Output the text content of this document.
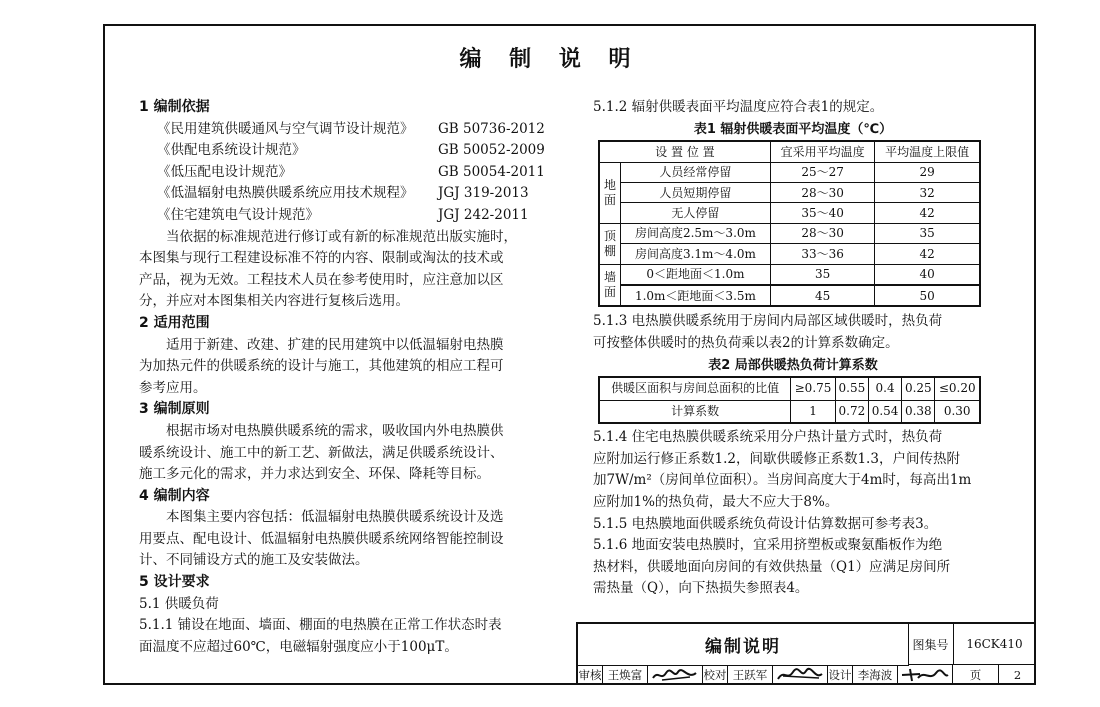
编 制 说 明
1 编制依据
《民用建筑供暖通风与空气调节设计规范》 GB 50736-2012
《供配电系统设计规范》	GB 50052-2009
《低压配电设计规范》	GB 50054-2011
《低温辐射电热膜供暖系统应用技术规程》 JGJ 319-2013
《住宅建筑电气设计规范》	JGJ 242-2011
当依据的标准规范进行修订或有新的标准规范出版实施时，
本图集与现行工程建设标准不符的内容、限制或淘汰的技术或
产品，视为无效。工程技术人员在参考使用时，应注意加以区
分，并应对本图集相关内容进行复核后选用。
2 适用范围
适用于新建、改建、扩建的民用建筑中以低温辐射电热膜
为加热元件的供暖系统的设计与施工，其他建筑的相应工程可
参考应用。
3 编制原则
根据市场对电热膜供暖系统的需求，吸收国内外电热膜供
暖系统设计、施工中的新工艺、新做法，满足供暖系统设计、
施工多元化的需求，并力求达到安全、环保、降耗等目标。
4 编制内容
本图集主要内容包括：低温辐射电热膜供暖系统设计及选
用要点、配电设计、低温辐射电热膜供暖系统网络智能控制设
计、不同铺设方式的施工及安装做法。
5 设计要求
5.1 供暖负荷
5.1.1 铺设在地面、墙面、棚面的电热膜在正常工作状态时表
面温度不应超过60℃，电磁辐射强度应小于100μT。
5.1.2 辐射供暖表面平均温度应符合表1的规定。
表1 辐射供暖表面平均温度（℃）
设 置 位 置		宜采用平均温度	平均温度上限值
地面	人员经常停留	25～27	29
	人员短期停留	28～30	32
	无人停留	35～40	42
顶棚	房间高度2.5m～3.0m	28～30	35
	房间高度3.1m～4.0m	33～36	42
墙面	0＜距地面＜1.0m	35	40
	1.0m＜距地面＜3.5m	45	50
5.1.3 电热膜供暖系统用于房间内局部区域供暖时，热负荷
可按整体供暖时的热负荷乘以表2的计算系数确定。
表2 局部供暖热负荷计算系数
供暖区面积与房间总面积的比值	≥0.75	0.55	0.4	0.25	≤0.20
计算系数	1	0.72	0.54	0.38	0.30
5.1.4 住宅电热膜供暖系统采用分户热计量方式时，热负荷
应附加运行修正系数1.2，间歇供暖修正系数1.3，户间传热附
加7W/m²（房间单位面积）。当房间高度大于4m时，每高出1m
应附加1%的热负荷，最大不应大于8%。
5.1.5 电热膜地面供暖系统负荷设计估算数据可参考表3。
5.1.6 地面安装电热膜时，宜采用挤塑板或聚氨酯板作为绝
热材料，供暖地面向房间的有效供热量（Q1）应满足房间所
需热量（Q），向下热损失参照表4。
编制说明	图集号	16CK410
审核 王焕富	校对 王跃军	设计 李海波	页	2
